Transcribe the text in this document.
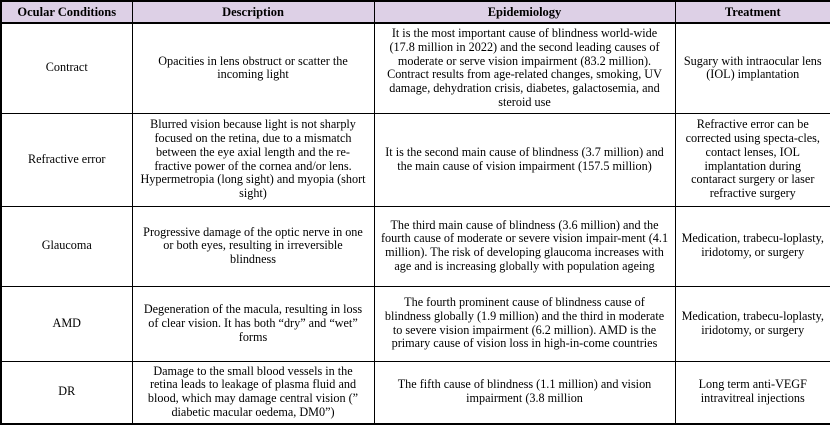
Ocular Conditions	Description	Epidemiology	Treatment

Contract	Opacities in lens obstruct or scatter the incoming light	It is the most important cause of blindness world-wide (17.8 million in 2022) and the second leading causes of moderate or serve vision impairment (83.2 million). Contract results from age-related changes, smoking, UV damage, dehydration crisis, diabetes, galactosemia, and steroid use	Sugary with intraocular lens (IOL) implantation

Refractive error	Blurred vision because light is not sharply focused on the retina, due to a mismatch between the eye axial length and the re-fractive power of the cornea and/or lens. Hypermetropia (long sight) and myopia (short sight)	It is the second main cause of blindness (3.7 million) and the main cause of vision impairment (157.5 million)	Refractive error can be corrected using specta-cles, contact lenses, IOL implantation during contaract surgery or laser refractive surgery

Glaucoma	Progressive damage of the optic nerve in one or both eyes, resulting in irreversible blindness	The third main cause of blindness (3.6 million) and the fourth cause of moderate or severe vision impair-ment (4.1 million). The risk of developing glaucoma increases with age and is increasing globally with population ageing	Medication, trabecu-loplasty, iridotomy, or surgery

AMD	Degeneration of the macula, resulting in loss of clear vision. It has both “dry” and “wet” forms	The fourth prominent cause of blindness cause of blindness globally (1.9 million) and the third in moderate to severe vision impairment (6.2 million). AMD is the primary cause of vision loss in high-in-come countries	Medication, trabecu-loplasty, iridotomy, or surgery

DR	Damage to the small blood vessels in the retina leads to leakage of plasma fluid and blood, which may damage central vision (” diabetic macular oedema, DM0”)	The fifth cause of blindness (1.1 million) and vision impairment (3.8 million	Long term anti-VEGF intravitreal injections
